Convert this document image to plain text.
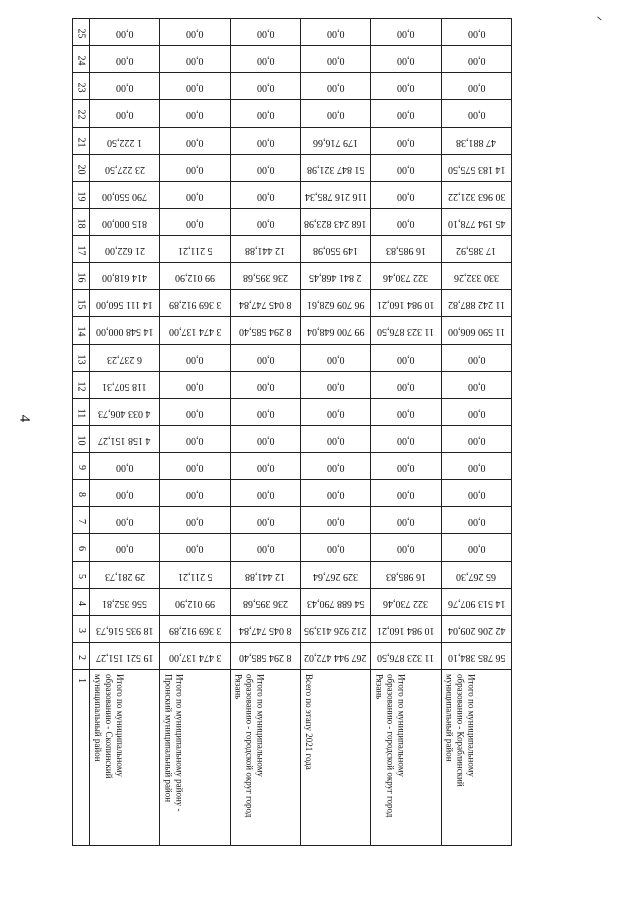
4
ᐟ
25	0,00	0,00	0,00	0,00	0,00	0,00
24	0,00	0,00	0,00	0,00	0,00	0,00
23	0,00	0,00	0,00	0,00	0,00	0,00
22	0,00	0,00	0,00	0,00	0,00	0,00
21	1 222,50	0,00	0,00	179 716,66	0,00	47 881,38
20	23 227,50	0,00	0,00	51 847 321,98	0,00	14 183 575,50
19	790 550,00	0,00	0,00	116 216 785,34	0,00	30 963 321,22
18	815 000,00	0,00	0,00	168 243 823,98	0,00	45 194 778,10
17	21 622,00	5 211,21	12 441,88	149 550,98	16 985,83	17 385,92
16	414 618,00	99 012,90	236 395,68	2 841 468,45	322 730,46	330 332,26
15	14 111 560,00	3 369 912,89	8 045 747,84	96 709 628,61	10 984 160,21	11 242 887,82
14	14 548 000,00	3 474 137,00	8 294 585,40	99 700 648,04	11 323 876,50	11 590 606,00
13	6 237,23	0,00	0,00	0,00	0,00	0,00
12	118 507,31	0,00	0,00	0,00	0,00	0,00
11	4 033 406,73	0,00	0,00	0,00	0,00	0,00
10	4 158 151,27	0,00	0,00	0,00	0,00	0,00
9	0,00	0,00	0,00	0,00	0,00	0,00
8	0,00	0,00	0,00	0,00	0,00	0,00
7	0,00	0,00	0,00	0,00	0,00	0,00
6	0,00	0,00	0,00	0,00	0,00	0,00
5	29 281,73	5 211,21	12 441,88	329 267,64	16 985,83	65 267,30
4	556 352,81	99 012,90	236 395,68	54 688 790,43	322 730,46	14 513 907,76
3	18 935 516,73	3 369 912,89	8 045 747,84	212 926 413,95	10 984 160,21	42 206 209,04
2	19 521 151,27	3 474 137,00	8 294 585,40	267 944 472,02	11 323 876,50	56 785 384,10
1	Итого по муниципальному образованию - Скопинский муниципальный район	Итого по муниципальному району - Пронский муниципальный район	Итого по муниципальному образованию - городской округ город Рязань	Всего по этапу 2021 года	Итого по муниципальному образованию - городской округ город Рязань	Итого по муниципальному образованию - Кораблинский муниципальный район
